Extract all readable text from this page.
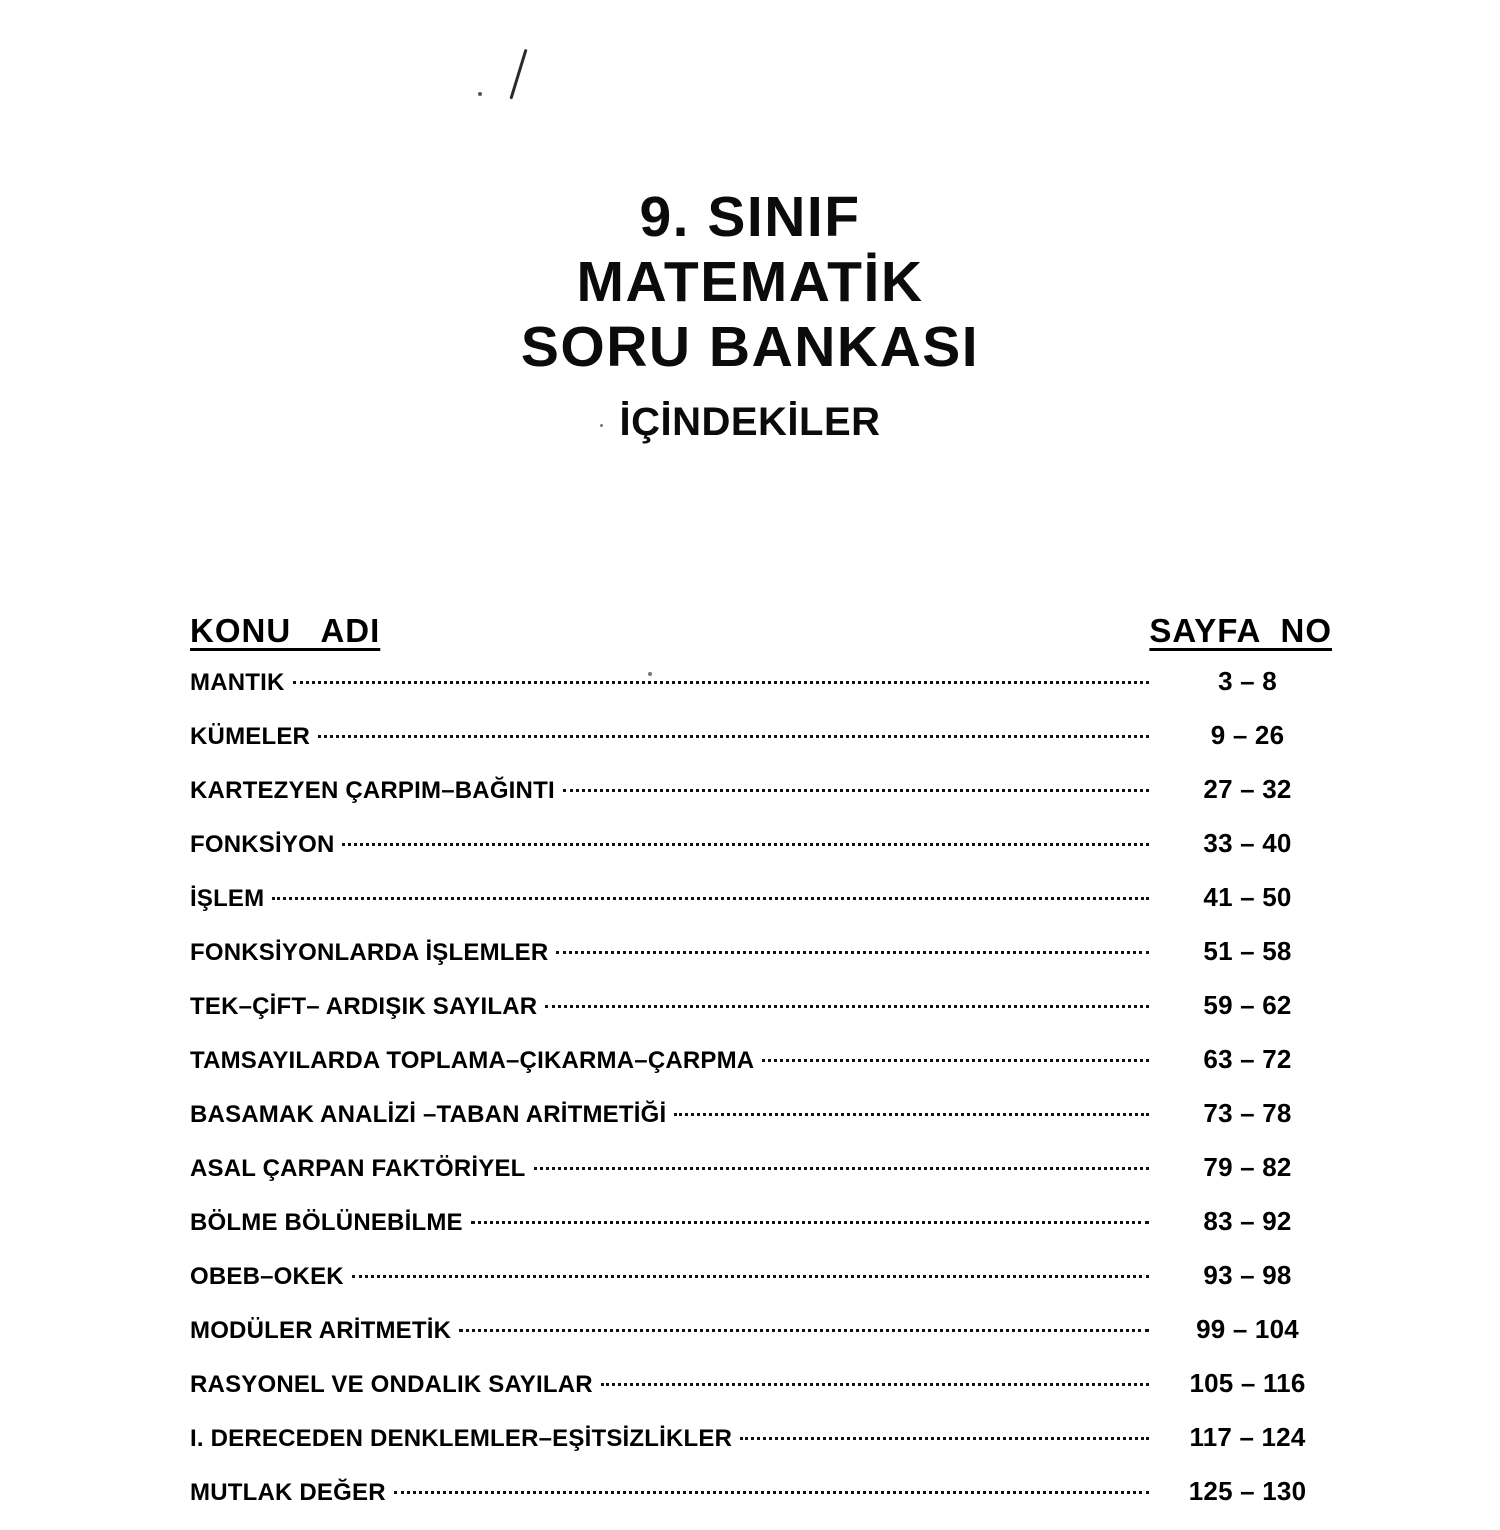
9. SINIF
MATEMATİK
SORU BANKASI
İÇİNDEKİLER
KONU   ADI	SAYFA  NO
MANTIK	3 – 8
KÜMELER	9 – 26
KARTEZYEN ÇARPIM–BAĞINTI	27 – 32
FONKSİYON	33 – 40
İŞLEM	41 – 50
FONKSİYONLARDA İŞLEMLER	51 – 58
TEK–ÇİFT– ARDIŞIK SAYILAR	59 – 62
TAMSAYILARDA TOPLAMA–ÇIKARMA–ÇARPMA	63 – 72
BASAMAK ANALİZİ –TABAN ARİTMETİĞİ	73 – 78
ASAL ÇARPAN FAKTÖRİYEL	79 – 82
BÖLME BÖLÜNEBİLME	83 – 92
OBEB–OKEK	93 – 98
MODÜLER ARİTMETİK	99 – 104
RASYONEL VE ONDALIK SAYILAR	105 – 116
I. DERECEDEN DENKLEMLER–EŞİTSİZLİKLER	117 – 124
MUTLAK DEĞER	125 – 130
